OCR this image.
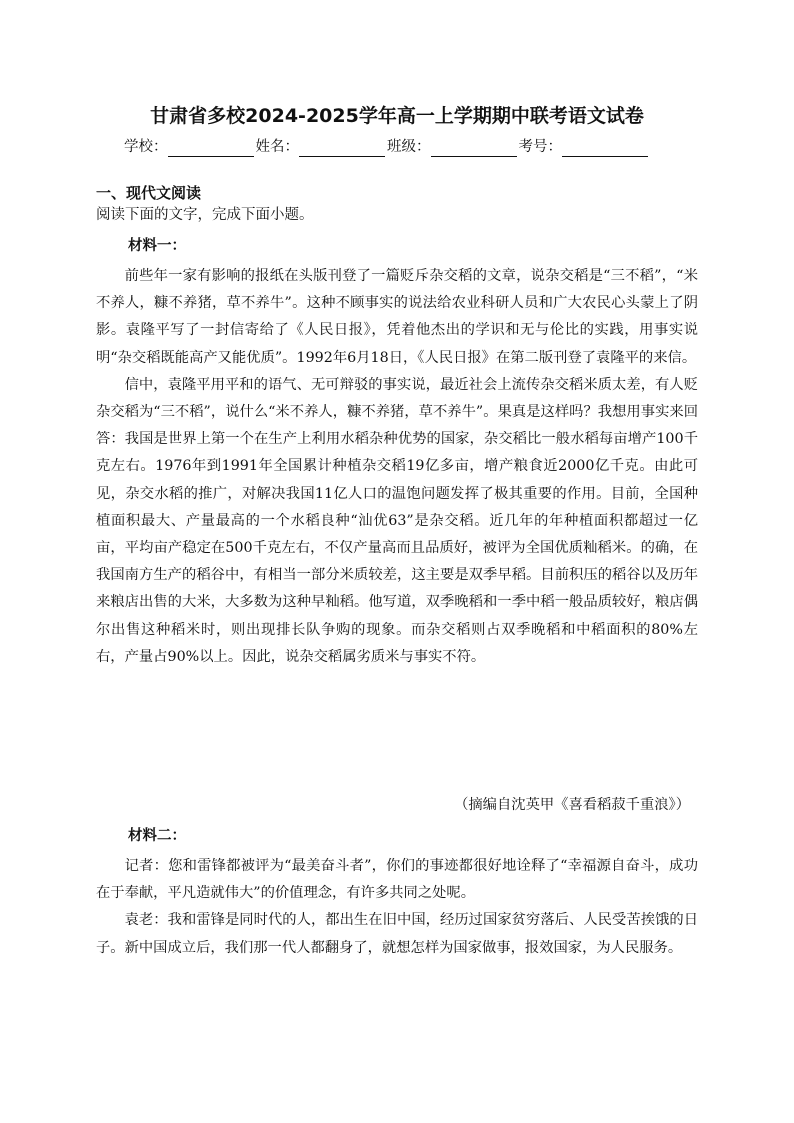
甘肃省多校2024-2025学年高一上学期期中联考语文试卷
学校：	姓名：	班级：	考号：
一、现代文阅读
阅读下面的文字，完成下面小题。
材料一：

前些年一家有影响的报纸在头版刊登了一篇贬斥杂交稻的文章，说杂交稻是“三不稻”，“米不养人，糠不养猪，草不养牛”。这种不顾事实的说法给农业科研人员和广大农民心头蒙上了阴影。袁隆平写了一封信寄给了《人民日报》，凭着他杰出的学识和无与伦比的实践，用事实说明“杂交稻既能高产又能优质”。1992年6月18日，《人民日报》在第二版刊登了袁隆平的来信。

信中，袁隆平用平和的语气、无可辩驳的事实说，最近社会上流传杂交稻米质太差，有人贬杂交稻为“三不稻”，说什么“米不养人，糠不养猪，草不养牛”。果真是这样吗？我想用事实来回答：我国是世界上第一个在生产上利用水稻杂种优势的国家，杂交稻比一般水稻每亩增产100千克左右。1976年到1991年全国累计种植杂交稻19亿多亩，增产粮食近2000亿千克。由此可见，杂交水稻的推广，对解决我国11亿人口的温饱问题发挥了极其重要的作用。目前，全国种植面积最大、产量最高的一个水稻良种“汕优63”是杂交稻。近几年的年种植面积都超过一亿亩，平均亩产稳定在500千克左右，不仅产量高而且品质好，被评为全国优质籼稻米。的确，在我国南方生产的稻谷中，有相当一部分米质较差，这主要是双季早稻。目前积压的稻谷以及历年来粮店出售的大米，大多数为这种早籼稻。他写道，双季晚稻和一季中稻一般品质较好，粮店偶尔出售这种稻米时，则出现排长队争购的现象。而杂交稻则占双季晚稻和中稻面积的80%左右，产量占90%以上。因此，说杂交稻属劣质米与事实不符。

（摘编自沈英甲《喜看稻菽千重浪》）
材料二：

记者：您和雷锋都被评为“最美奋斗者”，你们的事迹都很好地诠释了“幸福源自奋斗，成功在于奉献，平凡造就伟大”的价值理念，有许多共同之处呢。

袁老：我和雷锋是同时代的人，都出生在旧中国，经历过国家贫穷落后、人民受苦挨饿的日子。新中国成立后，我们那一代人都翻身了，就想怎样为国家做事，报效国家，为人民服务。
